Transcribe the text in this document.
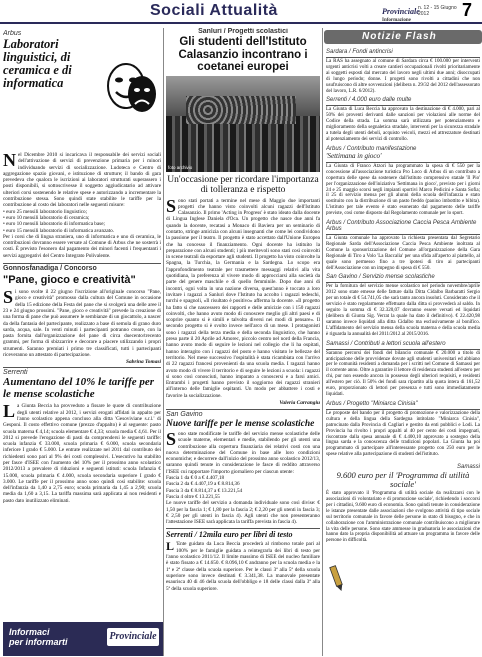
Sociali Attualità	Provinciale
Informazione
n. 12 - 15 Giugno 2012	7
Arbus
Laboratori linguistici, di ceramica e di informatica
Nel Dicembre 2010 si incaricava il responsabile dei servizi sociali dell'attivazione di servizi di prevenzione primaria per i minori individuando servizi di socializzazione. Ludoteca e Centro di aggregazione spazio giovani, e istituzione di strutture; il bando di gara prevedeva che qualora le iscrizioni ai laboratori strutturati superassero i posti disponibili, si sottoscrivesse il soggetto aggiudicatario ad attivare ulteriori corsi sostenendo le relative spese e autorizzando a incrementare la contribuzione stessa. Sono quindi state stabilite le tariffe per la contribuzione al costo dei laboratori nelle seguenti misure:
• euro 25 mensili laboratorio linguistico;
• euro 10 mensili laboratorio di ceramica;
• euro 10 mensili laboratorio di informatica base;
• euro 15 mensili laboratorio di informatica avanzato.
Per i corsi che di lingua straniera, uno di informatica e uno di ceramica, le contribuzioni dovranno essere versate al Comune di Arbus che ne sosterrà i costi. È previsto l'esonero dal pagamento dei minori facenti i frequentanti i servizi aggregativi del Centro Integrato Polivalente.
Gonnosfanadiga / Concorso
"Pane, gioco e creatività"
Si sono svolte il 22 giugno l'iscrizione all'originale concorso "Pane, gioco e creatività" promosso dalla cultura del Comune in occasione della 15 edizione della Festa del pane che si svolgerà una delle aree il 23 e 24 giugno prossimi. "Pane, gioco e creatività" prevede la creazione di una forma di pane che può assumere le sembianze di un giocattolo, a nascer da della fantasia del partecipante, realizzato a base di semola di grano duro sarda, acqua, sale. In venti minuti i partecipanti potranno creare, con la pasta fornita dall'organizzazione del pane di circa duecento/trecento grammi, per forma di sbizzarrire e decorare a piacere utilizzando i propri strumenti. Saranno premiati i primo tre classificati, tutti i partecipanti riceveranno un attestato di partecipazione.
Sabrina Tomasi
Serrenti
Aumentano del 10% le tariffe per le mense scolastiche
La Giunta Beccia ha provveduto a fissare le quote di contribuzione degli utenti relative al 2012, i servizi erogati affidati in appalto per l'anno scolastico appena concluso alla ditta 'Gesoviviane s.r.l.' di Gesponi. Il costo effettivo comune (prezzo d'appalto) è al seguente: pasto scuola materna € 4,14; scuola elementare € 4,33; scuola media € 4,61. Per il 2012 si prevede l'erogazione di pasti da comprendersi le seguenti tariffe: scuola infanzia € 33.000, scuola primaria € 6.000, scuola secondaria inferiore I grado € 5.000. Le entrate realizzate nel 2011 dal contributo dei richiedenti sono pari al 9% dei costi complessivi. L'esecutivo ha stabilito per fasce d'ISEE con l'aumento del 10% per il prossimo anno scolastico 2012/2013 a prevalere di riduzioni e seguenti istituti: scuola Infanzia € 15.000, scuola primaria € 4.000, scuola secondaria superiore I grado € 3.000. Le tariffe per il prossimo anno sono quindi così stabilite: scuola dell'infanzia da 1,40 a 2,75 euro; scuola primaria da 1,45 a 2,90; scuola media da 1,60 a 3,15. La tariffa massima sarà applicata ai non residenti e pasto dato inutilizzato eliminati.
Sanluri / Progetti scolastici
Gli studenti dell'Istituto Calasanzio incontrano i coetanei europei
foto archivio
Un'occasione per ricordare l'importanza di tolleranza e rispetto
Sono stati portati a termine nel mese di Maggio due importanti progetti che hanno visto coinvolti alcuni ragazzi dell'Istituto Calasanzio. Il primo 'Acting in Progress' è stato ideato dalla docente di Lingua Inglese Daniela d'Oca. Un progetto che nasce due anni fa quando la docente, recatasi a Monaco di Baviera per un seminario di contatto, stringe amicizia con alcuni insegnanti che come lei condividono la passione per il teatro. Il progetto è stato accettato dall'Unione Europea che ha concesso il finanziamento. Ogni docente ha istituito la preparazione con alcuni studenti; i più meritevoli sono stati così coinvolti in scene teatrali da esportare agli studenti. Il progetto ha visto coinvolte la Spagna, la Turchia, la Germania e la Sardegna. Lo scopo era l'approfondimento teatrale per trasmettere messaggi relativi alla vita quotidiana, la preferenza al vivere modo di approcciarsi alla società da parte del genere maschile e di quello femminile. Dopo due anni di incontri, ogni volta in una nazione diversa, quest'anno è toccato a loro invitare i ragazzi a Sanluri dove l'Istituto ha accolto i ragazzi tedeschi, turchi e spagnoli, «Il risultato è positivo» afferma la docente. «Il progetto ha fatto sì che nascessero dei rapporti e delle amicizie con i 150 ragazzi coinvolti, che hanno avuto modo di conoscere meglio gli altri paesi e di scoprire quanto si è simili e talvolta diversi nei modi di pensare». Il secondo progetto si è svolto invece nell'arco di un mese. I protagonisti sono i ragazzi della terza media e della seconda linguistico, che hanno preso parte il 20 Aprile ad Amorec, piccolo centro nel nord della Francia, hanno avuto modo di seguire le lezioni nel collegio che li ha ospitati, hanno interagito con i ragazzi del posto e hanno visitato le bellezze del territorio. Nel mese successivo l'ospitalità è stata ricambiata con l'arrivo di 22 ragazzi francesi provenienti da una scuola media. I ragazzi hanno avuto modo di vivere il territorio e di seguire le lezioni a scuola: i ragazzi si sono così conosciuti, hanno imparato a conoscersi e a farsi amici. Entrambi i progetti hanno previsto il soggiorno dei ragazzi stranieri all'interno delle famiglie ospitanti. Un modo per abbattere i costi e favorire la socializzazione.
Valeria Carrangiu
San Gavino
Nuove tariffe per le mense scolastiche
Sono state modificate le tariffe del servizio mense scolastiche delle scuole materne, elementari e medie, stabilendo per gli utenti una contribuzione alla copertura finanziaria dei relativi costi con una nuova determinazione del Comune in base alle loro condizioni economiche; e decorrere dall'inizio del prossimo anno scolastico 2012/13, saranno quindi tenute in considerazione le fasce di reddito attraverso l'ISEE cui rapportare l'importo giornaliero per ciascun utente:
Fascia 1 da € 0 a € 4.407,18
Fascia 2 da € 4.407,19 a € 8.814,36
Fascia 3 da € 8.814,37 a € 13.221,54
Fascia 4 oltre € 13.221,55
Le nuove tariffe del servizio a domanda individuale sono così divise: € 1,50 per la fascia 1; € 1,80 per la fascia 2; € 2,20 per gli utenti in fascia 3; € 2,50 per gli utenti in fascia 4). Agli utenti che non presenteranno l'attestazione ISEE sarà applicata la tariffa prevista in fascia 4).
Serrenti / 12mila euro per libri di testo
L 'Ente guidato da Luca Beccia procederà al rimborso totale pari al 100% per le famiglie guidata a reintegrarla dei libri di testo per l'anno scolastico 2011/12. Il limite massimo di ISEE del nucleo familiare è stato fissato a € 14.650. € 8.096,10 € andranno per la scuola media e la 1ª e 2ª classe della scuola superiore. Per le classi 3ª alla 5ª della scuola superiore sono invece destinati € 3.341,38. La manovale presentate esaurisca 40 di 46 della scuola dell'obbligo e 18 delle classi dalla 3ª alla 5ª della scuola superiore.
Notizie Flash
Sardara / Fondi antincrisi
La RAS ha assegnato al comune di Sardara circa € 100.000 per interventi urgenti anticrisi volti a creare cantieri occupazionali rivolti prioritariamente ai soggetti esposti dal mercato del lavoro negli ultimi due anni; disoccupati di lungo periodo; donne. I progetti sono rivolti a cittadini che non usufruiscono di altre sovvenzioni (delibera n. 29/32 del 2012 dell'assessorato del lavoro, L.R. 6/2012).
Serrenti / 4.000 euro dalle multe
La Giunta di Luca Beccia ha approvato la destinazione di € 4.000, pari al 50% dei proventi derivanti dalle sanzioni per violazioni alle norme del Codice della strada. La somma sarà utilizzata per potenziamento e miglioramento della segnaletica stradale, interventi per la sicurezza stradale a tutela degli utenti deboli, acquisto veicoli, mezzi ed attrezzature destinati al potenziamento dei servizi di controllo.
Arbus / Contributo manifestazione
'Settimana in gioco'
La Giunta di Franco Atzori ha programmato la spesa di € 550 per la concessione all'associazione turistica Pro Loco di Arbus di un contributo a copertura delle spese da sostenere dall'istituto comprensivo statale 'Il Pio' per l'organizzazione dell'iniziativa 'Settimana in gioco', previsto per i giorni 24 e 25 maggio scorsi negli impianti sportivi Marco Pedicini e Santa Sofia; il 25 di servizio mensa per gli alunni della scuola dell'infanzia e stato sostituito con la distribuzione di un pasto freddo (panino imbottito e bibita). L'istituto per tale evento è stato esonerato dal pagamento delle tariffe previste, così come disposto dal Regolamento comunale per lo sport.
Arbus / Contributo Associazione Caccia Pesca Ambiente Arbus
La Giunta comunale ha approvato la richiesta presentata dal Segretario Regionale Sarda dell'Associazione Caccia Pesca Ambiente inoltrata al Comune la sponsorizzazione del Comune all'organizzazione della Gara Regionale di Tiro a Volo 'La Baccalia' per una sfida all'aperto al piattello, al quale sono permesso fino a tre ipotesi di tiro ai partecipanti dell'Associazione con un impegno di spesa di € 550.
San Gavino / Servizio mense scolastiche
Per la fornitura del servizio mense scolastico nel periodo novembre/aprile 2012 sono state emesse delle fatture dalla Ditta Cidalbo Barbaratti Sergio per un totale di € 54.741,05 che sarà tanto ancora insoluti. Considerato che il servizio è stato regolarmente effettuato dalla ditta si provvederà al saldo. In seguito la somma di € 32.320,07 dovranno essere versati ed liquidati (delibera di Giunta Sig. Verrat la quale ha dato il definitivo). € 22.420,98 saranno invece liquidati alla ditta Cidalbo ma esclusivamente al bonifico. L'affidamento del servizio mensa della scuola materna e della scuola media è riguarda la annualità del 2011/2012 al 2015/2016.
Samassi / Contributi a lettori scuola all'estero
Saranno percorsi dei fondi del bilancio comunale € 20.000 a titolo di anticipazione delle provvidenze dovute agli studenti universitari ed abbiano per le comunità residenti a domanda per i scritti nel Comune di Samassi per il corrente anno. Oltre a garantire il lettore di residenza studenti all'estero per chi, pur non essendo ancora in possesso degli ulteriori requisiti, e residenti all'estero per ciò. Il 50% dei fondi sara ripartito alla quota intera di 161,52 euro, proporzionato di lettori per presenza e tutti sono immediatamente liquidati.
Arbus / Progetto "Miniarca Cinisia"
Le proposte del bando per il progetto di promozione e valorizzazione della cultura e della lingua della Sardegna intitolato "Miniarca Cinisia", patrocinato dalla Provincia di Cagliari e gestito da enti pubblici e Lodi. La Provincia ha rivolto i propri appalti al 40 per cento dei costi impegnati, riscontrate dalla spesa annuale di € 4.400,10 approvato a sostegno della lingua sarda e la conoscenza delle tradizioni popolari. La Giunta ha poi programmato di partecipare all'interessante progetto con 250 euro per le spese relative alla partecipazione di studenti dell'istituto.
Samassi
9.600 euro per il 'Programma di utilità sociale'
È stato approvato il 'Programma di utilità sociale da realizzarsi con le associazioni di volontariato e di promozione sociale', richiedendo i soccorsi per i cittadini, 9.600 euro di economia. Sono quindi tenute in considerazione le istanze presentate dalle associazioni che svolgono attività di tipo sociale sul territorio comunale in favore delle persone in stato di bisogno, e che in collaborazione con l'amministrazione comunale contribuiscono a migliorare la vita delle persone. Sono state ammesse in graduatoria le associazioni che hanno dato la propria disponibilità ad attuare un programma in favore delle persone in difficoltà.
Informaci
per informarti	Provinciale
